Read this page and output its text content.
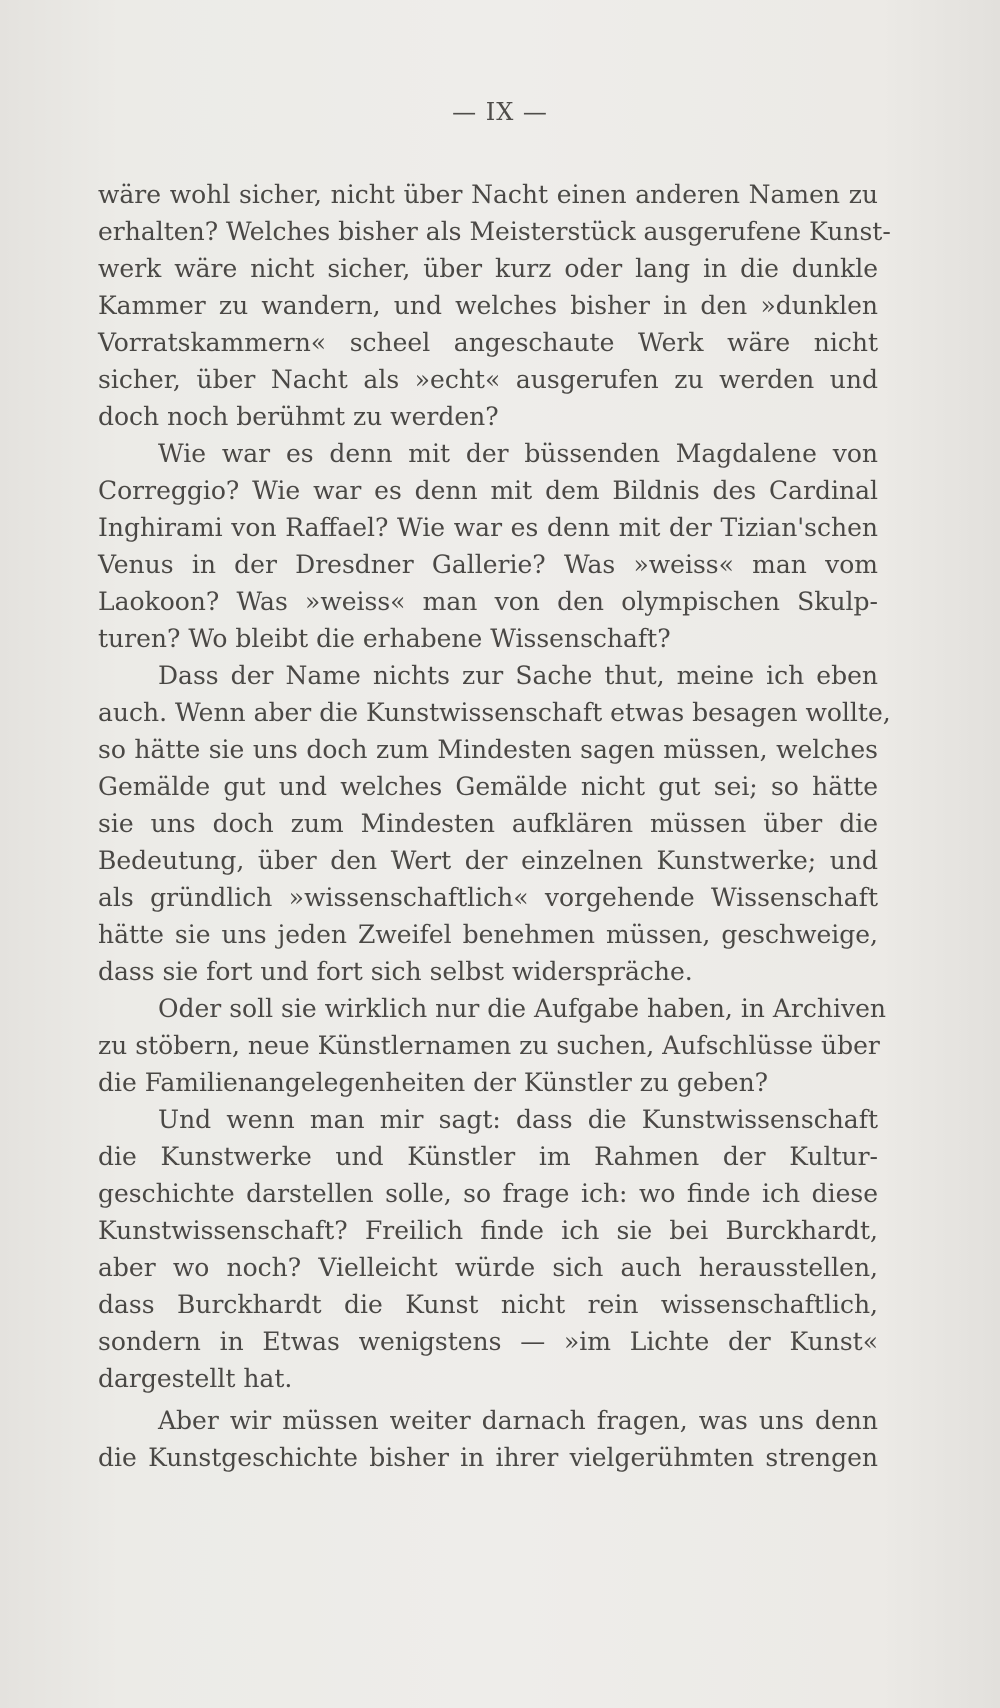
— IX —
wäre wohl sicher, nicht über Nacht einen anderen Namen zu
erhalten? Welches bisher als Meisterstück ausgerufene Kunst-
werk wäre nicht sicher, über kurz oder lang in die dunkle
Kammer zu wandern, und welches bisher in den »dunklen
Vorratskammern« scheel angeschaute Werk wäre nicht
sicher, über Nacht als »echt« ausgerufen zu werden und
doch noch berühmt zu werden?
Wie war es denn mit der büssenden Magdalene von
Correggio? Wie war es denn mit dem Bildnis des Cardinal
Inghirami von Raffael? Wie war es denn mit der Tizian'schen
Venus in der Dresdner Gallerie? Was »weiss« man vom
Laokoon? Was »weiss« man von den olympischen Skulp-
turen? Wo bleibt die erhabene Wissenschaft?
Dass der Name nichts zur Sache thut, meine ich eben
auch. Wenn aber die Kunstwissenschaft etwas besagen wollte,
so hätte sie uns doch zum Mindesten sagen müssen, welches
Gemälde gut und welches Gemälde nicht gut sei; so hätte
sie uns doch zum Mindesten aufklären müssen über die
Bedeutung, über den Wert der einzelnen Kunstwerke; und
als gründlich »wissenschaftlich« vorgehende Wissenschaft
hätte sie uns jeden Zweifel benehmen müssen, geschweige,
dass sie fort und fort sich selbst widerspräche.
Oder soll sie wirklich nur die Aufgabe haben, in Archiven
zu stöbern, neue Künstlernamen zu suchen, Aufschlüsse über
die Familienangelegenheiten der Künstler zu geben?
Und wenn man mir sagt: dass die Kunstwissenschaft
die Kunstwerke und Künstler im Rahmen der Kultur-
geschichte darstellen solle, so frage ich: wo finde ich diese
Kunstwissenschaft? Freilich finde ich sie bei Burckhardt,
aber wo noch? Vielleicht würde sich auch herausstellen,
dass Burckhardt die Kunst nicht rein wissenschaftlich,
sondern in Etwas wenigstens — »im Lichte der Kunst«
dargestellt hat.
Aber wir müssen weiter darnach fragen, was uns denn
die Kunstgeschichte bisher in ihrer vielgerühmten strengen
